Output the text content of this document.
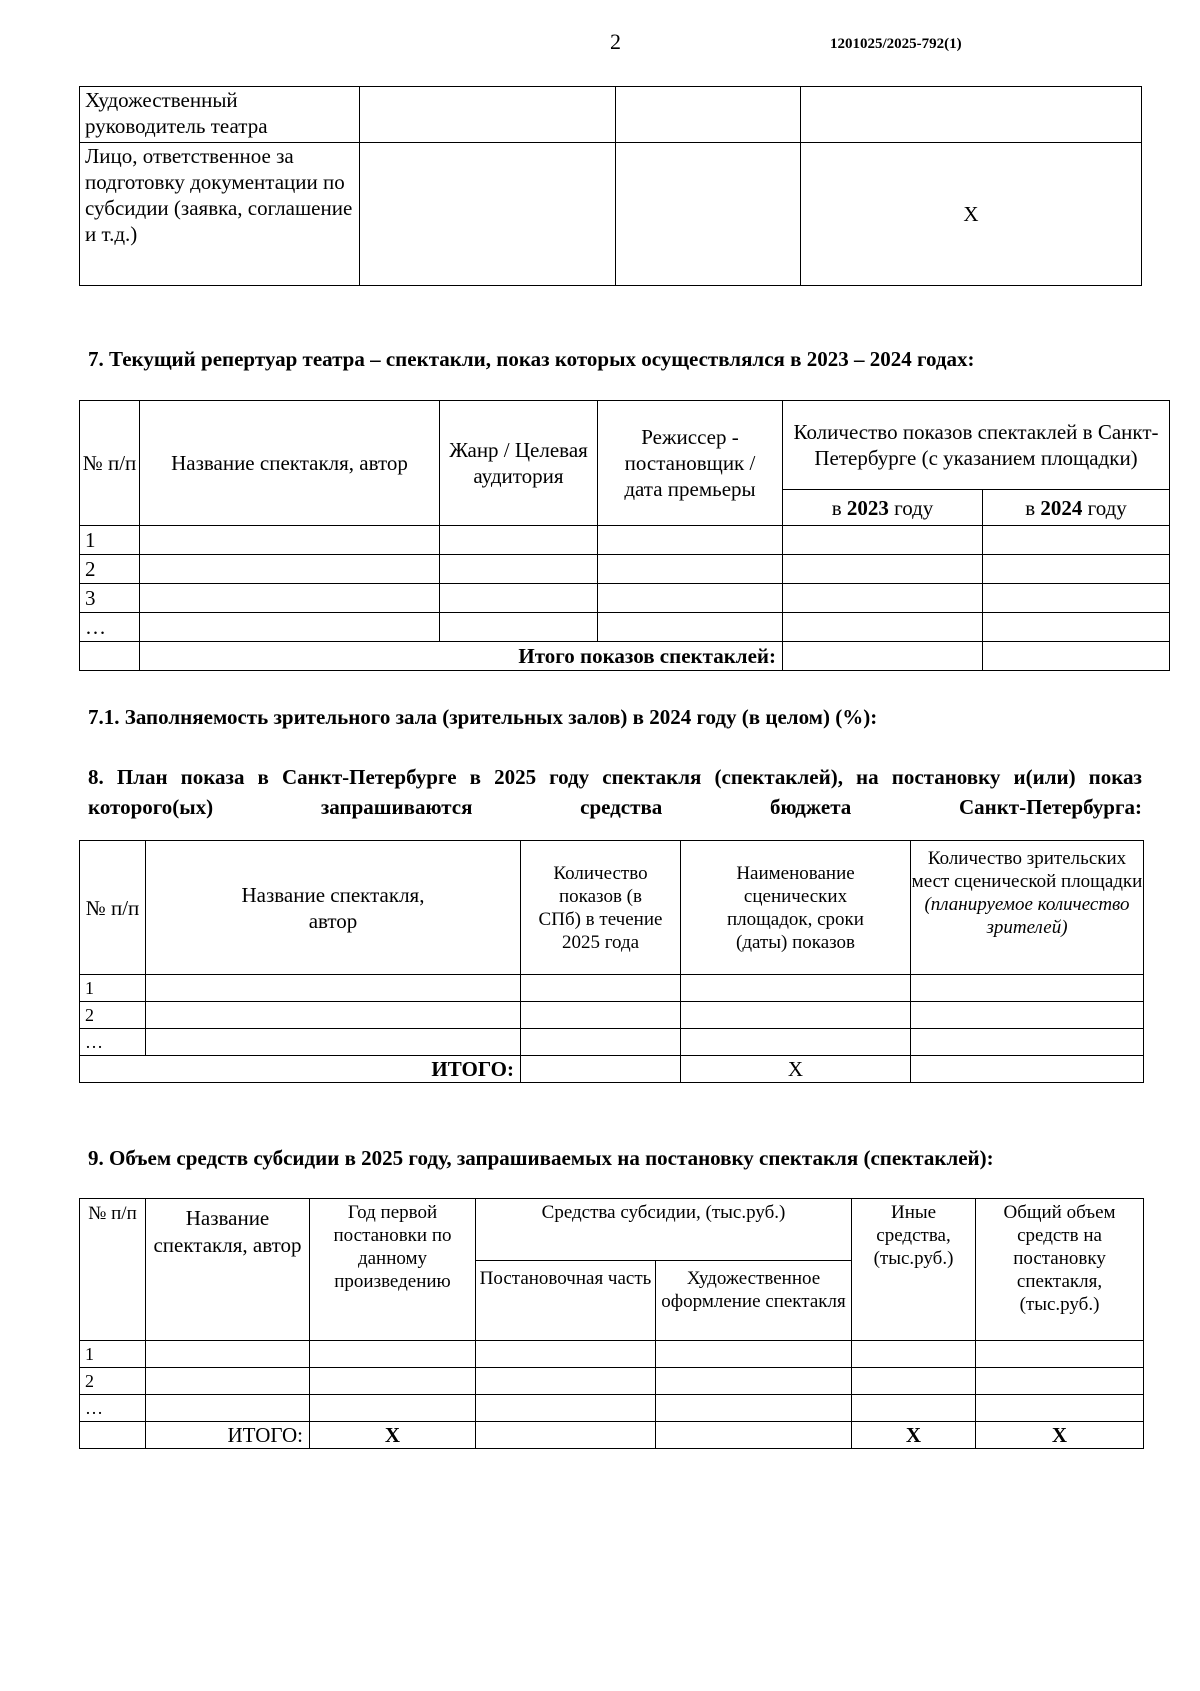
2	1201025/2025-792(1)
Художественный руководитель театра			
Лицо, ответственное за подготовку документации по субсидии (заявка, соглашение и т.д.)			Х
7. Текущий репертуар театра – спектакли, показ которых осуществлялся в 2023 – 2024 годах:
№ п/п	Название спектакля, автор	Жанр / Целевая аудитория	Режиссер - постановщик / дата премьеры	Количество показов спектаклей в Санкт- Петербурге (с указанием площадки)	
				в 2023 году	в 2024 году
1					
2					
3					
…					
	Итого показов спектаклей:				
7.1. Заполняемость зрительного зала (зрительных залов) в 2024 году (в целом) (%):
8. План показа в Санкт-Петербурге в 2025 году спектакля (спектаклей), на постановку и(или) показ которого(ых) запрашиваются средства бюджета Санкт-Петербурга:
№ п/п	Название спектакля, автор	Количество показов (в СПб) в течение 2025 года	Наименование сценических площадок, сроки (даты) показов	Количество зрительских мест сценической площадки
(планируемое количество зрителей)
1				
2				
…				
ИТОГО:			Х	
9. Объем средств субсидии в 2025 году, запрашиваемых на постановку спектакля (спектаклей):
№ п/п	Название спектакля, автор	Год первой постановки по данному произведению	Средства субсидии, (тыс.руб.)		Иные средства, (тыс.руб.)	Общий объем средств на постановку спектакля, (тыс.руб.)
			Постановочная часть	Художественное оформление спектакля		
1						
2						
…						
	ИТОГО:	Х			Х	Х
